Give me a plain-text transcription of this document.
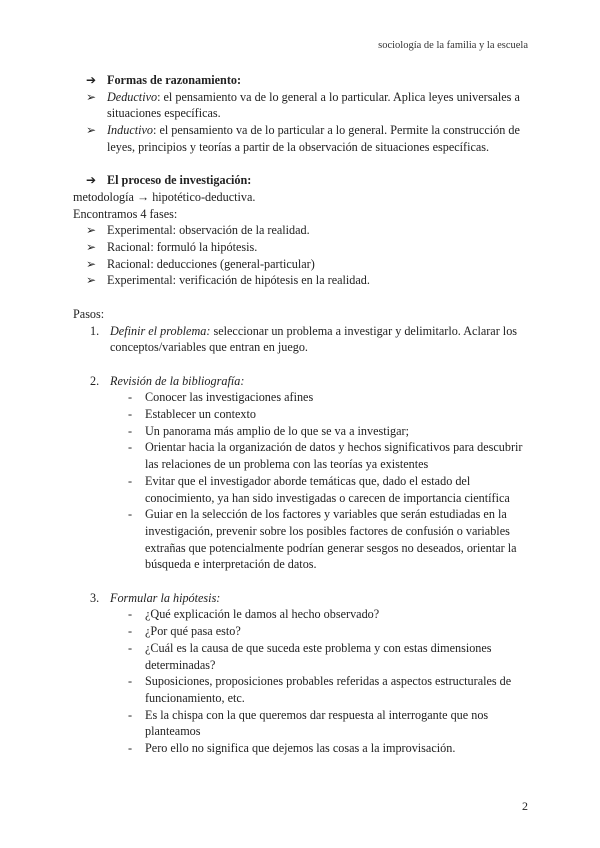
sociología de la familia y la escuela
➔ Formas de razonamiento:
➢ Deductivo: el pensamiento va de lo general a lo particular. Aplica leyes universales a situaciones específicas.
➢ Inductivo: el pensamiento va de lo particular a lo general. Permite la construcción de leyes, principios y teorías a partir de la observación de situaciones específicas.
➔ El proceso de investigación:
metodología → hipotético-deductiva.
Encontramos 4 fases:
➢ Experimental: observación de la realidad.
➢ Racional: formuló la hipótesis.
➢ Racional: deducciones (general-particular)
➢ Experimental: verificación de hipótesis en la realidad.
Pasos:
1. Definir el problema: seleccionar un problema a investigar y delimitarlo. Aclarar los conceptos/variables que entran en juego.
2. Revisión de la bibliografía:
- Conocer las investigaciones afines
- Establecer un contexto
- Un panorama más amplio de lo que se va a investigar;
- Orientar hacia la organización de datos y hechos significativos para descubrir las relaciones de un problema con las teorías ya existentes
- Evitar que el investigador aborde temáticas que, dado el estado del conocimiento, ya han sido investigadas o carecen de importancia científica
- Guiar en la selección de los factores y variables que serán estudiadas en la investigación, prevenir sobre los posibles factores de confusión o variables extrañas que potencialmente podrían generar sesgos no deseados, orientar la búsqueda e interpretación de datos.
3. Formular la hipótesis:
- ¿Qué explicación le damos al hecho observado?
- ¿Por qué pasa esto?
- ¿Cuál es la causa de que suceda este problema y con estas dimensiones determinadas?
- Suposiciones, proposiciones probables referidas a aspectos estructurales de funcionamiento, etc.
- Es la chispa con la que queremos dar respuesta al interrogante que nos planteamos
- Pero ello no significa que dejemos las cosas a la improvisación.
2
